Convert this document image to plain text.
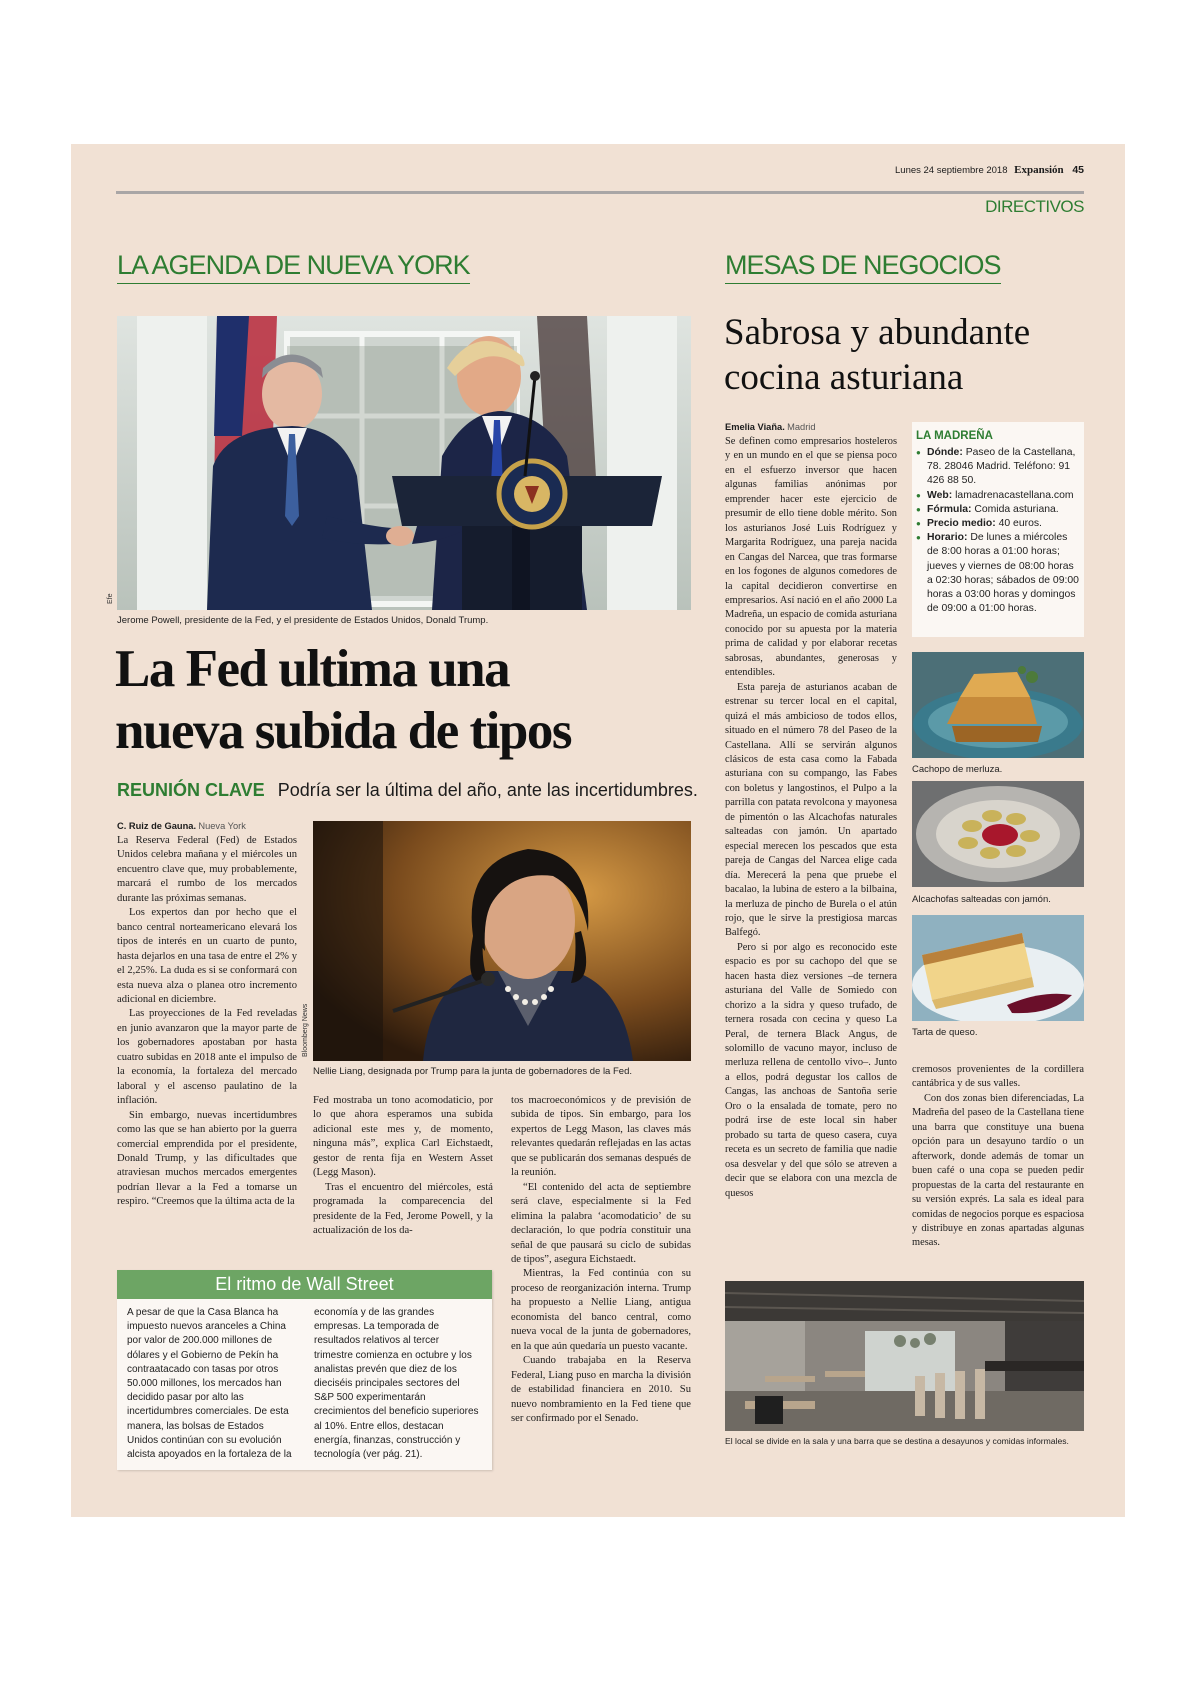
Lunes 24 septiembre 2018 Expansión 45
DIRECTIVOS
LA AGENDA DE NUEVA YORK
Efe
Jerome Powell, presidente de la Fed, y el presidente de Estados Unidos, Donald Trump.
La Fed ultima una
nueva subida de tipos
REUNIÓN CLAVE Podría ser la última del año, ante las incertidumbres.
C. Ruiz de Gauna. Nueva York

La Reserva Federal (Fed) de Estados Unidos celebra mañana y el miércoles un encuentro clave que, muy probablemente, marcará el rumbo de los mercados durante las próximas semanas.

Los expertos dan por hecho que el banco central norteamericano elevará los tipos de interés en un cuarto de punto, hasta dejarlos en una tasa de entre el 2% y el 2,25%. La duda es si se conformará con esta nueva alza o planea otro incremento adicional en diciembre.

Las proyecciones de la Fed reveladas en junio avanzaron que la mayor parte de los gobernadores apostaban por hasta cuatro subidas en 2018 ante el impulso de la economía, la fortaleza del mercado laboral y el ascenso paulatino de la inflación.

Sin embargo, nuevas incertidumbres como las que se han abierto por la guerra comercial emprendida por el presidente, Donald Trump, y las dificultades que atraviesan muchos mercados emergentes podrían llevar a la Fed a tomarse un respiro. “Creemos que la última acta de la

Bloomberg News
Nellie Liang, designada por Trump para la junta de gobernadores de la Fed.

Fed mostraba un tono acomodaticio, por lo que ahora esperamos una subida adicional este mes y, de momento, ninguna más”, explica Carl Eichstaedt, gestor de renta fija en Western Asset (Legg Mason).

Tras el encuentro del miércoles, está programada la comparecencia del presidente de la Fed, Jerome Powell, y la actualización de los da-

tos macroeconómicos y de previsión de subida de tipos. Sin embargo, para los expertos de Legg Mason, las claves más relevantes quedarán reflejadas en las actas que se publicarán dos semanas después de la reunión.

“El contenido del acta de septiembre será clave, especialmente si la Fed elimina la palabra ‘acomodaticio’ de su declaración, lo que podría constituir una señal de que pausará su ciclo de subidas de tipos”, asegura Eichstaedt.

Mientras, la Fed continúa con su proceso de reorganización interna. Trump ha propuesto a Nellie Liang, antigua economista del banco central, como nueva vocal de la junta de gobernadores, en la que aún quedaría un puesto vacante.

Cuando trabajaba en la Reserva Federal, Liang puso en marcha la división de estabilidad financiera en 2010. Su nuevo nombramiento en la Fed tiene que ser confirmado por el Senado.

El ritmo de Wall Street
A pesar de que la Casa Blanca ha impuesto nuevos aranceles a China por valor de 200.000 millones de dólares y el Gobierno de Pekín ha contraatacado con tasas por otros 50.000 millones, los mercados han decidido pasar por alto las incertidumbres comerciales. De esta manera, las bolsas de Estados Unidos continúan con su evolución alcista apoyados en la fortaleza de la
economía y de las grandes empresas. La temporada de resultados relativos al tercer trimestre comienza en octubre y los analistas prevén que diez de los dieciséis principales sectores del S&P 500 experimentarán crecimientos del beneficio superiores al 10%. Entre ellos, destacan energía, finanzas, construcción y tecnología (ver pág. 21).
MESAS DE NEGOCIOS
Sabrosa y abundante
cocina asturiana
Emelia Viaña. Madrid

Se definen como empresarios hosteleros y en un mundo en el que se piensa poco en el esfuerzo inversor que hacen algunas familias anónimas por emprender hacer este ejercicio de presumir de ello tiene doble mérito. Son los asturianos José Luis Rodríguez y Margarita Rodríguez, una pareja nacida en Cangas del Narcea, que tras formarse en los fogones de algunos comedores de la capital decidieron convertirse en empresarios. Así nació en el año 2000 La Madreña, un espacio de comida asturiana conocido por su apuesta por la materia prima de calidad y por elaborar recetas sabrosas, abundantes, generosas y entendibles.

Esta pareja de asturianos acaban de estrenar su tercer local en el capital, quizá el más ambicioso de todos ellos, situado en el número 78 del Paseo de la Castellana. Allí se servirán algunos clásicos de esta casa como la Fabada asturiana con su compango, las Fabes con boletus y langostinos, el Pulpo a la parrilla con patata revolcona y mayonesa de pimentón o las Alcachofas naturales salteadas con jamón. Un apartado especial merecen los pescados que esta pareja de Cangas del Narcea elige cada día. Merecerá la pena que pruebe el bacalao, la lubina de estero a la bilbaina, la merluza de pincho de Burela o el atún rojo, que le sirve la prestigiosa marcas Balfegó.

Pero si por algo es reconocido este espacio es por su cachopo del que se hacen hasta diez versiones –de ternera asturiana del Valle de Somiedo con chorizo a la sidra y queso trufado, de ternera rosada con cecina y queso La Peral, de ternera Black Angus, de solomillo de vacuno mayor, incluso de merluza rellena de centollo vivo–. Junto a ellos, podrá degustar los callos de Cangas, las anchoas de Santoña serie Oro o la ensalada de tomate, pero no podrá irse de este local sin haber probado su tarta de queso casera, cuya receta es un secreto de familia que nadie osa desvelar y del que sólo se atreven a decir que se elabora con una mezcla de quesos

LA MADREÑA
● Dónde: Paseo de la Castellana, 78. 28046 Madrid. Teléfono: 91 426 88 50.
● Web: lamadrenacastellana.com
● Fórmula: Comida asturiana.
● Precio medio: 40 euros.
● Horario: De lunes a miércoles de 8:00 horas a 01:00 horas; jueves y viernes de 08:00 horas a 02:30 horas; sábados de 09:00 horas a 03:00 horas y domingos de 09:00 a 01:00 horas.
Cachopo de merluza.
Alcachofas salteadas con jamón.
Tarta de queso.

cremosos provenientes de la cordillera cantábrica y de sus valles.

Con dos zonas bien diferenciadas, La Madreña del paseo de la Castellana tiene una barra que constituye una buena opción para un desayuno tardío o un afterwork, donde además de tomar un buen café o una copa se pueden pedir propuestas de la carta del restaurante en su versión exprés. La sala es ideal para comidas de negocios porque es espaciosa y distribuye en zonas apartadas algunas mesas.

El local se divide en la sala y una barra que se destina a desayunos y comidas informales.
